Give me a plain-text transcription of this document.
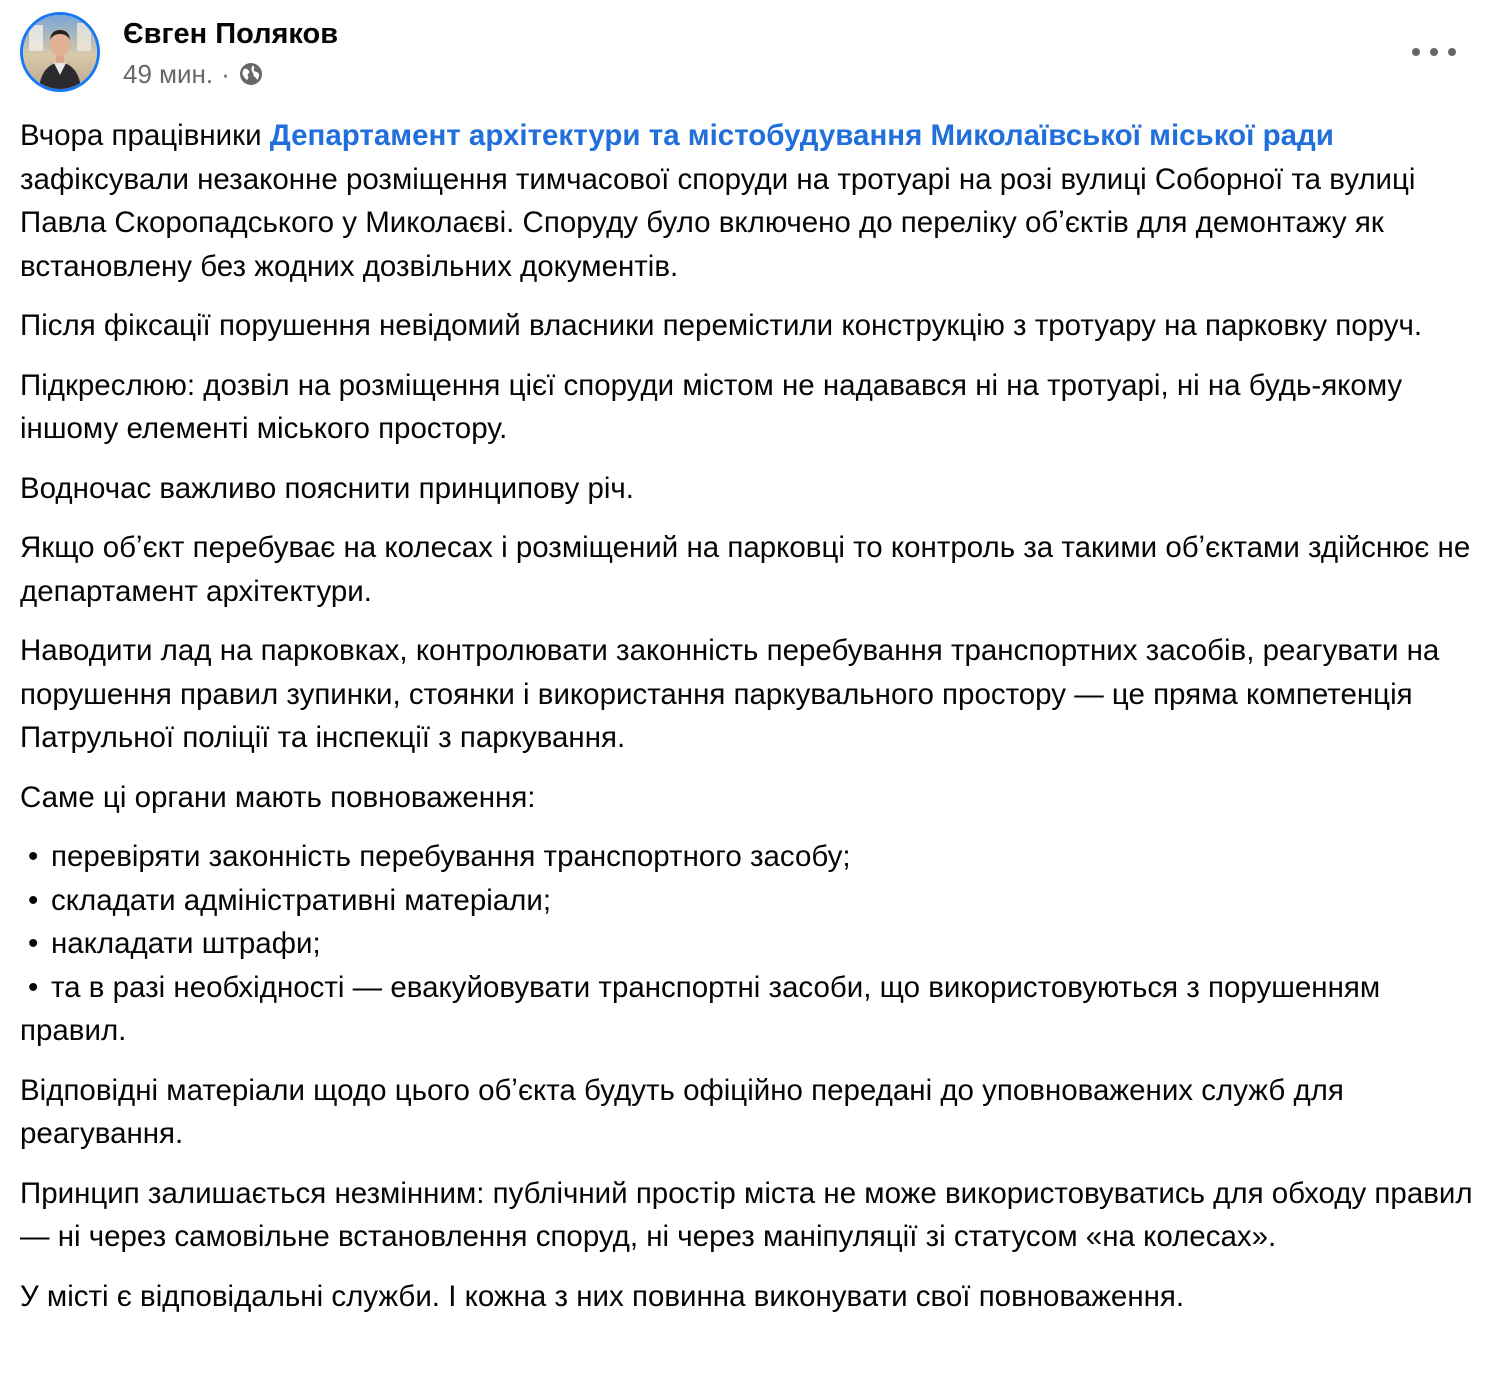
Євген Поляков
49 мин. ·

Вчора працівники Департамент архітектури та містобудування Миколаївської міської ради зафіксували незаконне розміщення тимчасової споруди на тротуарі на розі вулиці Соборної та вулиці Павла Скоропадського у Миколаєві. Споруду було включено до переліку обʼєктів для демонтажу як встановлену без жодних дозвільних документів.

Після фіксації порушення невідомий власники перемістили конструкцію з тротуару на парковку поруч.

Підкреслюю: дозвіл на розміщення цієї споруди містом не надавався ні на тротуарі, ні на будь-якому іншому елементі міського простору.

Водночас важливо пояснити принципову річ.

Якщо обʼєкт перебуває на колесах і розміщений на парковці то контроль за такими обʼєктами здійснює не департамент архітектури.

Наводити лад на парковках, контролювати законність перебування транспортних засобів, реагувати на порушення правил зупинки, стоянки і використання паркувального простору — це пряма компетенція Патрульної поліції та інспекції з паркування.

Саме ці органи мають повноваження:

• перевіряти законність перебування транспортного засобу;
• складати адміністративні матеріали;
• накладати штрафи;
• та в разі необхідності — евакуйовувати транспортні засоби, що використовуються з порушенням правил.

Відповідні матеріали щодо цього обʼєкта будуть офіційно передані до уповноважених служб для реагування.

Принцип залишається незмінним: публічний простір міста не може використовуватись для обходу правил — ні через самовільне встановлення споруд, ні через маніпуляції зі статусом «на колесах».

У місті є відповідальні служби. І кожна з них повинна виконувати свої повноваження.
